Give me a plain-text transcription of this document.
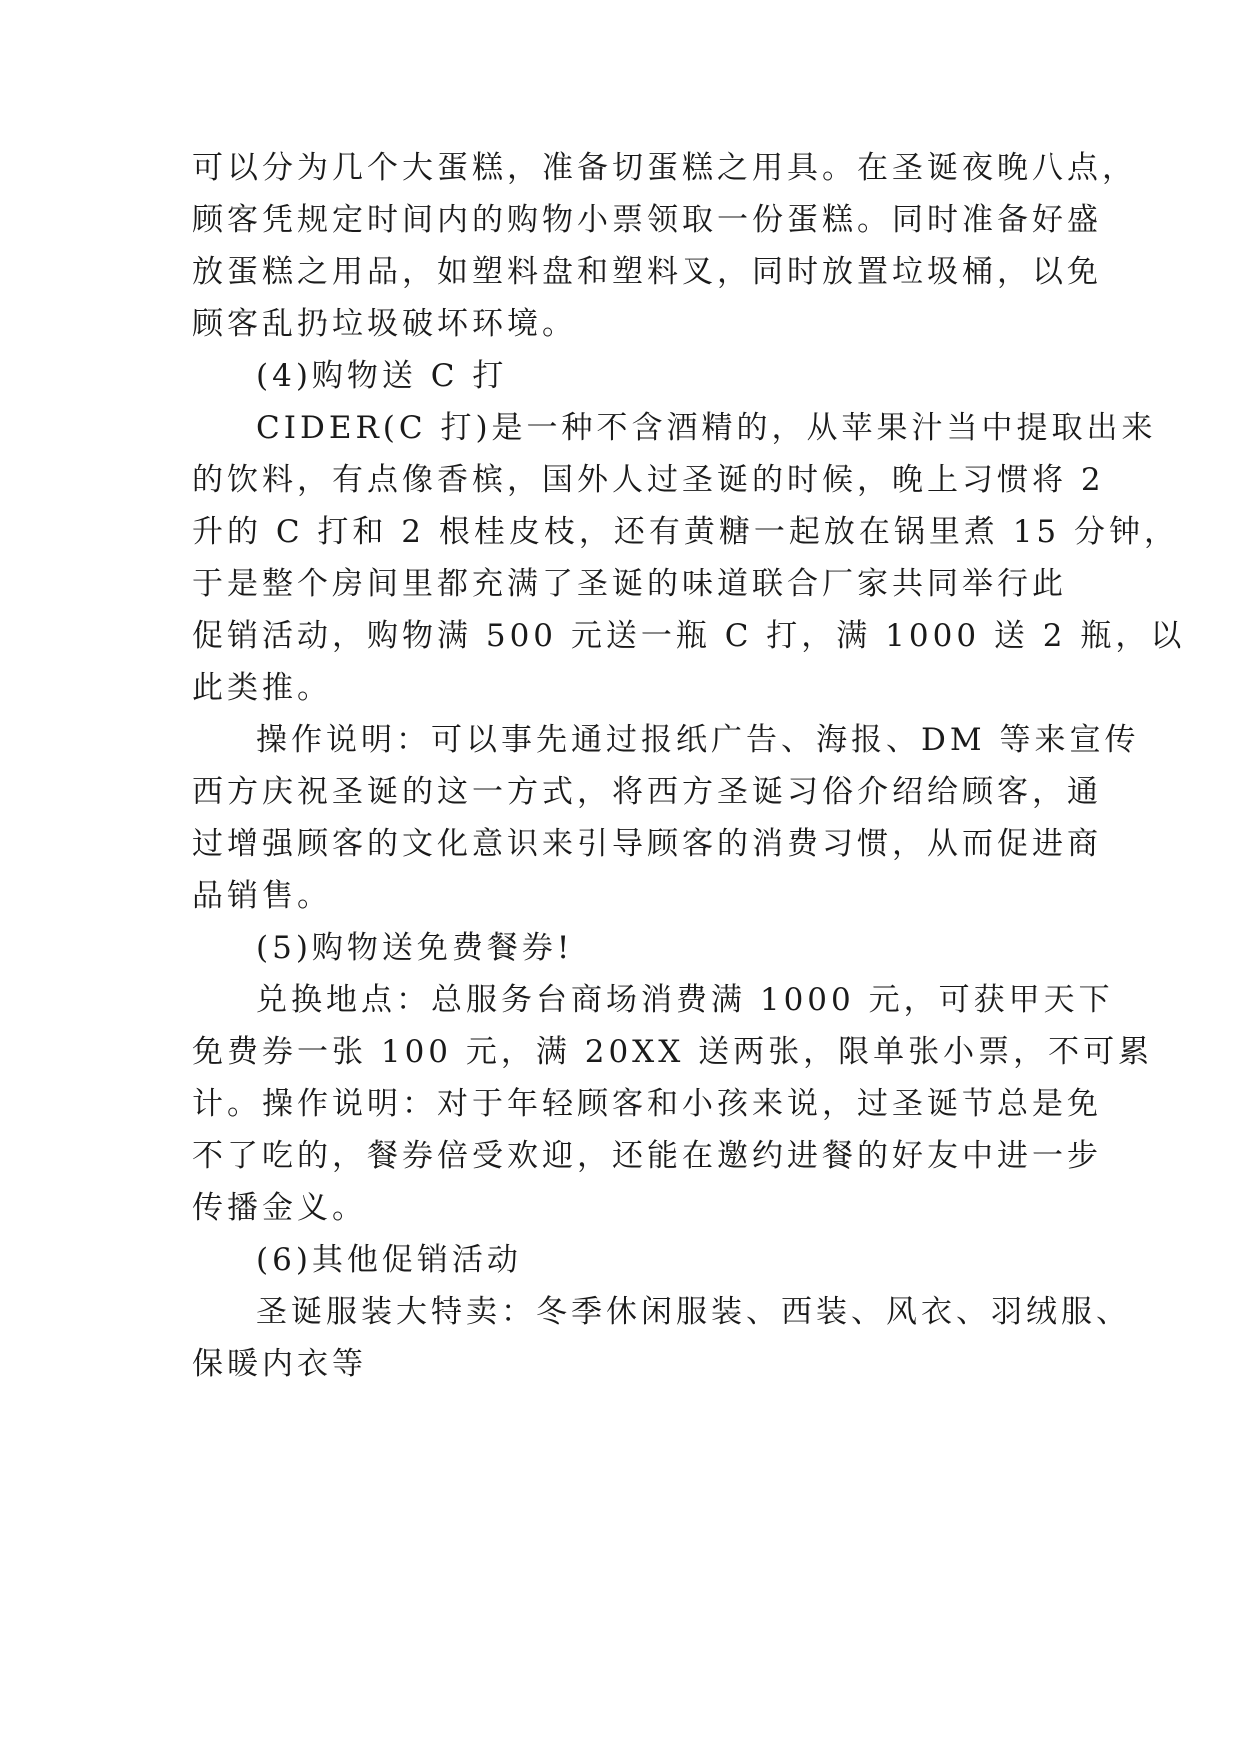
可以分为几个大蛋糕，准备切蛋糕之用具。在圣诞夜晚八点，
顾客凭规定时间内的购物小票领取一份蛋糕。同时准备好盛
放蛋糕之用品，如塑料盘和塑料叉，同时放置垃圾桶，以免
顾客乱扔垃圾破坏环境。
(4)购物送 C 打
CIDER(C 打)是一种不含酒精的，从苹果汁当中提取出来
的饮料，有点像香槟，国外人过圣诞的时候，晚上习惯将 2
升的 C 打和 2 根桂皮枝，还有黄糖一起放在锅里煮 15 分钟，
于是整个房间里都充满了圣诞的味道联合厂家共同举行此
促销活动，购物满 500 元送一瓶 C 打，满 1000 送 2 瓶，以
此类推。
操作说明：可以事先通过报纸广告、海报、DM 等来宣传
西方庆祝圣诞的这一方式，将西方圣诞习俗介绍给顾客，通
过增强顾客的文化意识来引导顾客的消费习惯，从而促进商
品销售。
(5)购物送免费餐券!
兑换地点：总服务台商场消费满 1000 元，可获甲天下
免费券一张 100 元，满 20XX 送两张，限单张小票，不可累
计。操作说明：对于年轻顾客和小孩来说，过圣诞节总是免
不了吃的，餐券倍受欢迎，还能在邀约进餐的好友中进一步
传播金义。
(6)其他促销活动
圣诞服装大特卖：冬季休闲服装、西装、风衣、羽绒服、
保暖内衣等
